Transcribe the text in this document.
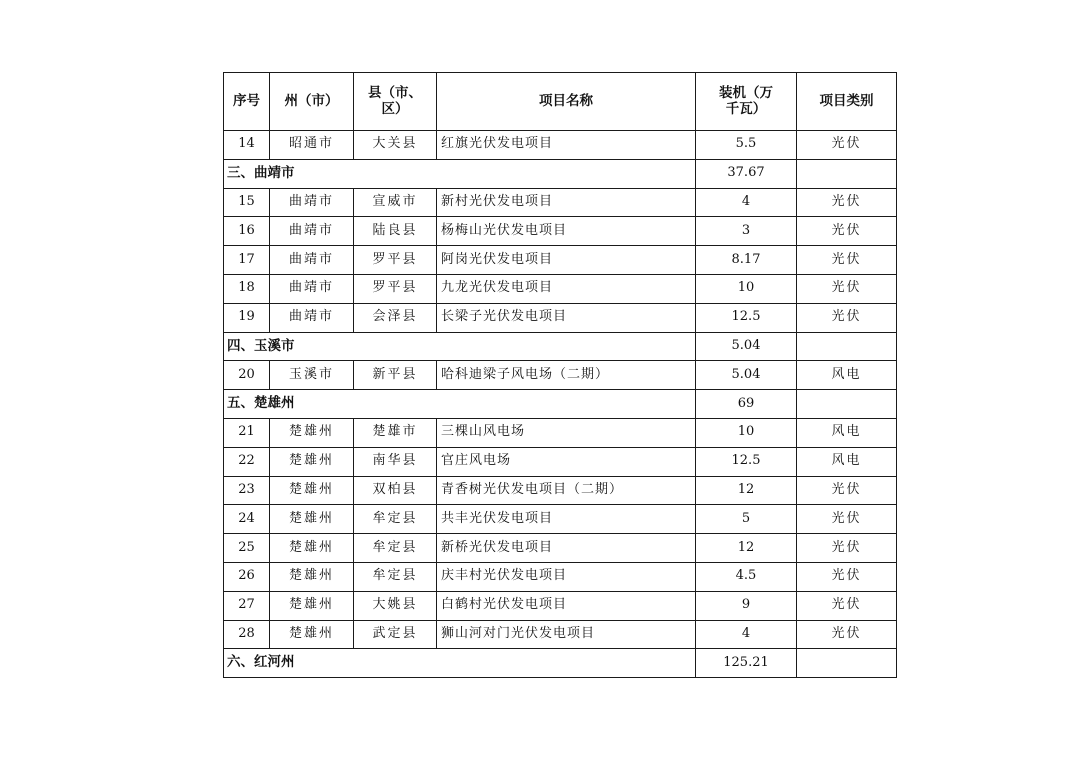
序号	州（市）	县（市、区）	项目名称	装机（万千瓦）	项目类别
14	昭通市	大关县	红旗光伏发电项目	5.5	光伏
三、曲靖市				37.67	
15	曲靖市	宣威市	新村光伏发电项目	4	光伏
16	曲靖市	陆良县	杨梅山光伏发电项目	3	光伏
17	曲靖市	罗平县	阿岗光伏发电项目	8.17	光伏
18	曲靖市	罗平县	九龙光伏发电项目	10	光伏
19	曲靖市	会泽县	长梁子光伏发电项目	12.5	光伏
四、玉溪市				5.04	
20	玉溪市	新平县	哈科迪梁子风电场（二期）	5.04	风电
五、楚雄州				69	
21	楚雄州	楚雄市	三棵山风电场	10	风电
22	楚雄州	南华县	官庄风电场	12.5	风电
23	楚雄州	双柏县	青香树光伏发电项目（二期）	12	光伏
24	楚雄州	牟定县	共丰光伏发电项目	5	光伏
25	楚雄州	牟定县	新桥光伏发电项目	12	光伏
26	楚雄州	牟定县	庆丰村光伏发电项目	4.5	光伏
27	楚雄州	大姚县	白鹤村光伏发电项目	9	光伏
28	楚雄州	武定县	狮山河对门光伏发电项目	4	光伏
六、红河州				125.21	
